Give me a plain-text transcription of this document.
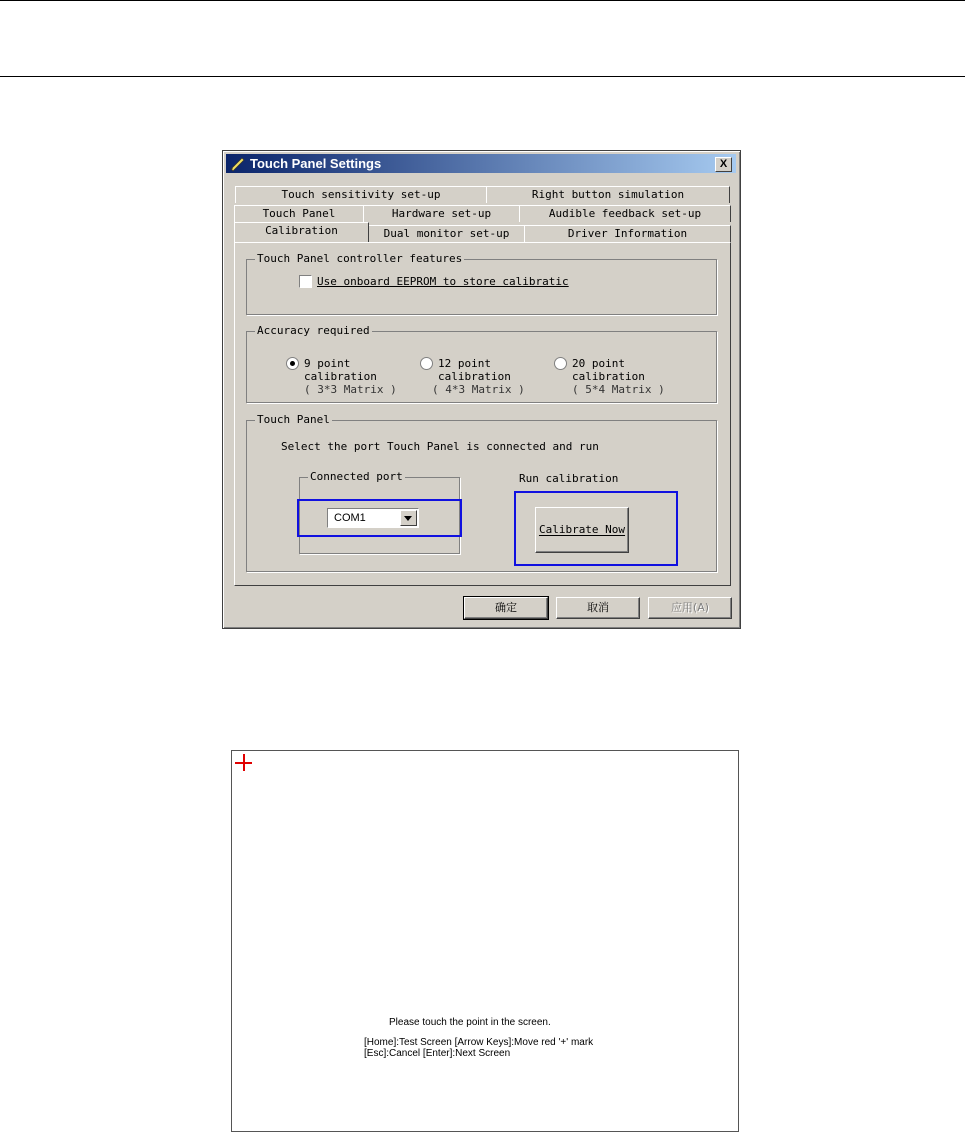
Touch Panel Settings	X
Touch sensitivity set-up	Right button simulation
Touch Panel	Hardware set-up	Audible feedback set-up
Calibration	Dual monitor set-up	Driver Information
Touch Panel controller features
Use onboard EEPROM to store calibratic
Accuracy required
9 point
calibration
( 3*3 Matrix )
12 point
calibration
( 4*3 Matrix )
20 point
calibration
( 5*4 Matrix )
Touch Panel
Select the port Touch Panel is connected and run
Connected port
COM1
Run calibration
Calibrate Now
确定	取消	应用(A)
Please touch the point in the screen.
[Home]:Test Screen [Arrow Keys]:Move red '+' mark
[Esc]:Cancel [Enter]:Next Screen
